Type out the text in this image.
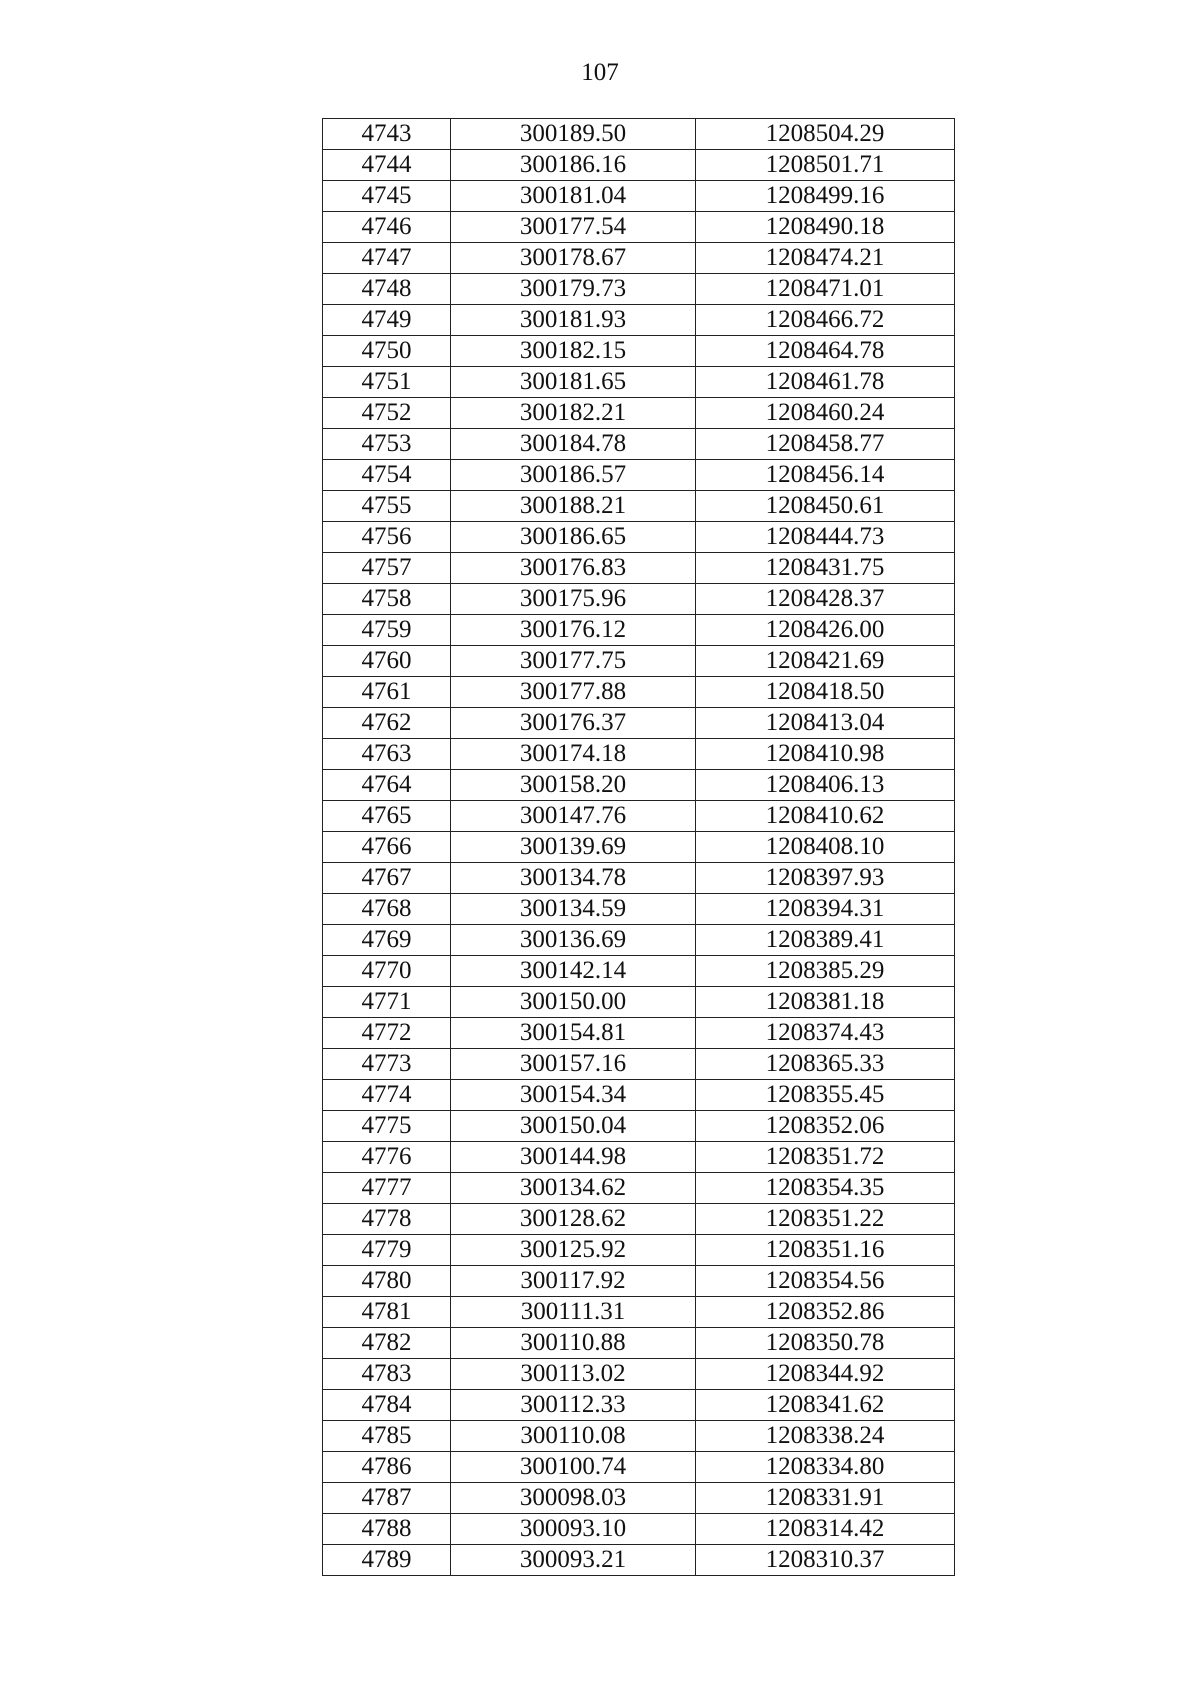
107
4743	300189.50	1208504.29
4744	300186.16	1208501.71
4745	300181.04	1208499.16
4746	300177.54	1208490.18
4747	300178.67	1208474.21
4748	300179.73	1208471.01
4749	300181.93	1208466.72
4750	300182.15	1208464.78
4751	300181.65	1208461.78
4752	300182.21	1208460.24
4753	300184.78	1208458.77
4754	300186.57	1208456.14
4755	300188.21	1208450.61
4756	300186.65	1208444.73
4757	300176.83	1208431.75
4758	300175.96	1208428.37
4759	300176.12	1208426.00
4760	300177.75	1208421.69
4761	300177.88	1208418.50
4762	300176.37	1208413.04
4763	300174.18	1208410.98
4764	300158.20	1208406.13
4765	300147.76	1208410.62
4766	300139.69	1208408.10
4767	300134.78	1208397.93
4768	300134.59	1208394.31
4769	300136.69	1208389.41
4770	300142.14	1208385.29
4771	300150.00	1208381.18
4772	300154.81	1208374.43
4773	300157.16	1208365.33
4774	300154.34	1208355.45
4775	300150.04	1208352.06
4776	300144.98	1208351.72
4777	300134.62	1208354.35
4778	300128.62	1208351.22
4779	300125.92	1208351.16
4780	300117.92	1208354.56
4781	300111.31	1208352.86
4782	300110.88	1208350.78
4783	300113.02	1208344.92
4784	300112.33	1208341.62
4785	300110.08	1208338.24
4786	300100.74	1208334.80
4787	300098.03	1208331.91
4788	300093.10	1208314.42
4789	300093.21	1208310.37
